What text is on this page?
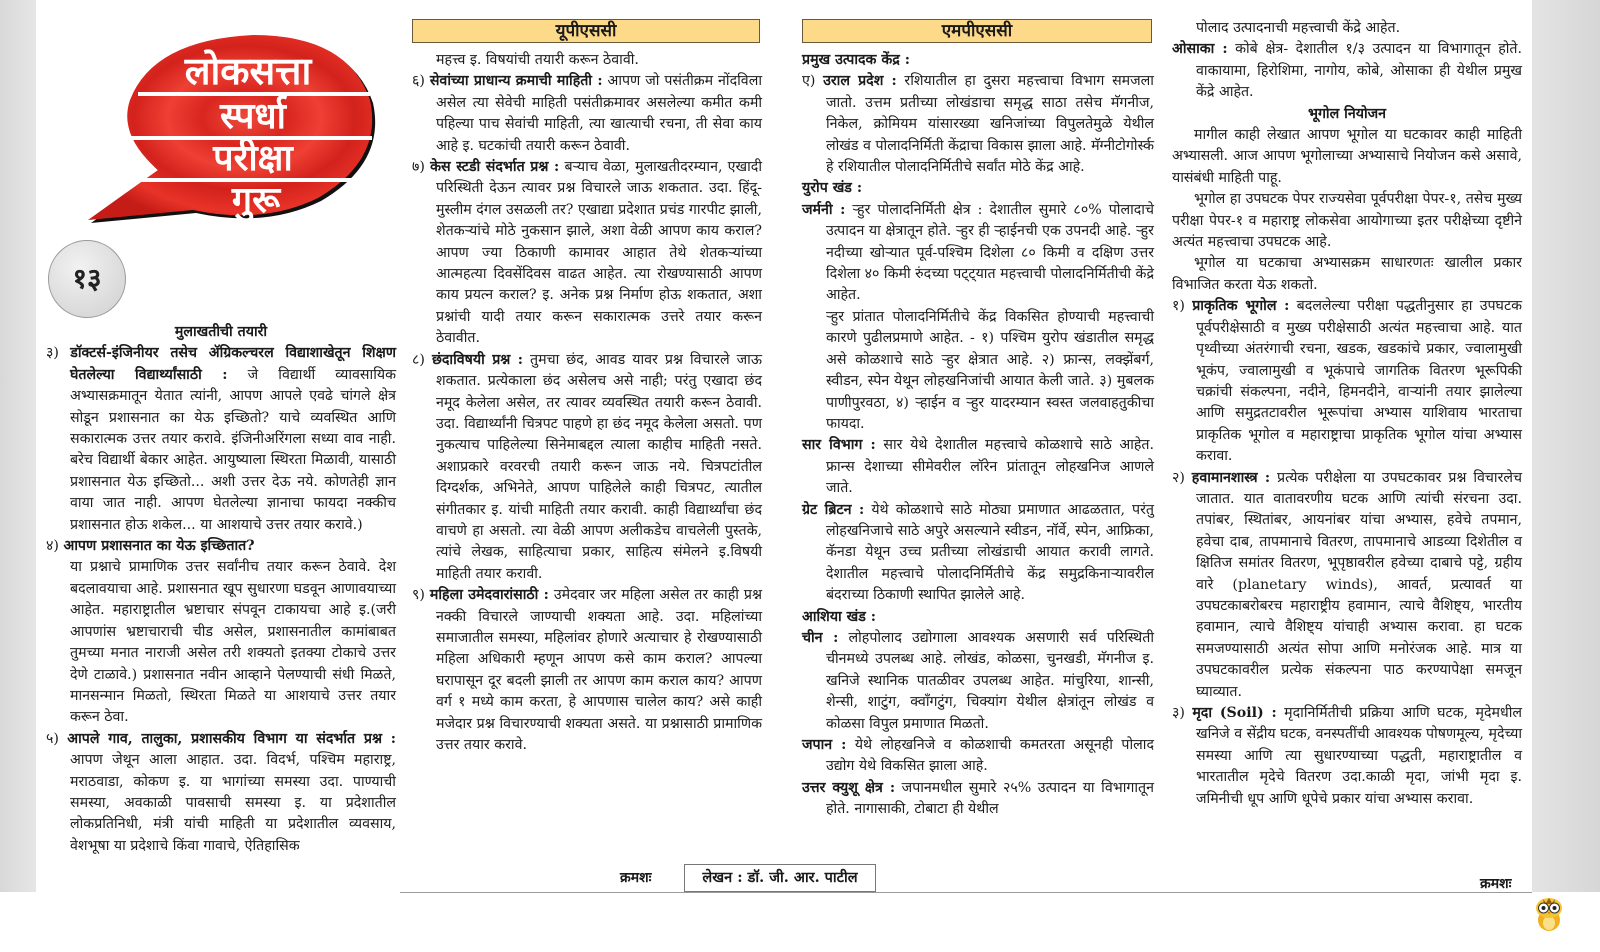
लोकसत्ता
स्पर्धा
परीक्षा
गुरू
१३
यूपीएससी	एमपीएससी

मुलाखतीची तयारी

३) डॉक्टर्स-इंजिनीयर तसेच ॲग्रिकल्चरल विद्याशाखेतून शिक्षण घेतलेल्या विद्यार्थ्यांसाठी : जे विद्यार्थी व्यावसायिक अभ्यासक्रमातून येतात त्यांनी, आपण आपले एवढे चांगले क्षेत्र सोडून प्रशासनात का येऊ इच्छितो? याचे व्यवस्थित आणि सकारात्मक उत्तर तयार करावे. इंजिनीअरिंगला सध्या वाव नाही. बरेच विद्यार्थी बेकार आहेत. आयुष्याला स्थिरता मिळावी, यासाठी प्रशासनात येऊ इच्छितो... अशी उत्तर देऊ नये. कोणतेही ज्ञान वाया जात नाही. आपण घेतलेल्या ज्ञानाचा फायदा नक्कीच प्रशासनात होऊ शकेल... या आशयाचे उत्तर तयार करावे.)

४) आपण प्रशासनात का येऊ इच्छितात?

या प्रश्नाचे प्रामाणिक उत्तर सर्वांनीच तयार करून ठेवावे. देश बदलावयाचा आहे. प्रशासनात खूप सुधारणा घडवून आणावयाच्या आहेत. महाराष्ट्रातील भ्रष्टाचार संपवून टाकायचा आहे इ.(जरी आपणांस भ्रष्टाचाराची चीड असेल, प्रशासनातील कामांबाबत तुमच्या मनात नाराजी असेल तरी शक्यतो इतक्या टोकाचे उत्तर देणे टाळावे.) प्रशासनात नवीन आव्हाने पेलण्याची संधी मिळते, मानसन्मान मिळतो, स्थिरता मिळते या आशयाचे उत्तर तयार करून ठेवा.

५) आपले गाव, तालुका, प्रशासकीय विभाग या संदर्भात प्रश्न : आपण जेथून आला आहात. उदा. विदर्भ, पश्चिम महाराष्ट्र, मराठवाडा, कोकण इ. या भागांच्या समस्या उदा. पाण्याची समस्या, अवकाळी पावसाची समस्या इ. या प्रदेशातील लोकप्रतिनिधी, मंत्री यांची माहिती या प्रदेशातील व्यवसाय, वेशभूषा या प्रदेशाचे किंवा गावाचे, ऐतिहासिक

महत्त्व इ. विषयांची तयारी करून ठेवावी.

६) सेवांच्या प्राधान्य क्रमाची माहिती : आपण जो पसंतीक्रम नोंदविला असेल त्या सेवेची माहिती पसंतीक्रमावर असलेल्या कमीत कमी पहिल्या पाच सेवांची माहिती, त्या खात्याची रचना, ती सेवा काय आहे इ. घटकांची तयारी करून ठेवावी.

७) केस स्टडी संदर्भात प्रश्न : बऱ्याच वेळा, मुलाखतीदरम्यान, एखादी परिस्थिती देऊन त्यावर प्रश्न विचारले जाऊ शकतात. उदा. हिंदू-मुस्लीम दंगल उसळली तर? एखाद्या प्रदेशात प्रचंड गारपीट झाली, शेतकऱ्यांचे मोठे नुकसान झाले, अशा वेळी आपण काय कराल? आपण ज्या ठिकाणी कामावर आहात तेथे शेतकऱ्यांच्या आत्महत्या दिवसेंदिवस वाढत आहेत. त्या रोखण्यासाठी आपण काय प्रयत्न कराल? इ. अनेक प्रश्न निर्माण होऊ शकतात, अशा प्रश्नांची यादी तयार करून सकारात्मक उत्तरे तयार करून ठेवावीत.

८) छंदाविषयी प्रश्न : तुमचा छंद, आवड यावर प्रश्न विचारले जाऊ शकतात. प्रत्येकाला छंद असेलच असे नाही; परंतु एखादा छंद नमूद केलेला असेल, तर त्यावर व्यवस्थित तयारी करून ठेवावी. उदा. विद्यार्थ्यांनी चित्रपट पाहणे हा छंद नमूद केलेला असतो. पण नुकत्याच पाहिलेल्या सिनेमाबद्दल त्याला काहीच माहिती नसते. अशाप्रकारे वरवरची तयारी करून जाऊ नये. चित्रपटांतील दिग्दर्शक, अभिनेते, आपण पाहिलेले काही चित्रपट, त्यातील संगीतकार इ. यांची माहिती तयार करावी. काही विद्यार्थ्यांचा छंद वाचणे हा असतो. त्या वेळी आपण अलीकडेच वाचलेली पुस्तके, त्यांचे लेखक, साहित्याचा प्रकार, साहित्य संमेलने इ.विषयी माहिती तयार करावी.

९) महिला उमेदवारांसाठी : उमेदवार जर महिला असेल तर काही प्रश्न नक्की विचारले जाण्याची शक्यता आहे. उदा. महिलांच्या समाजातील समस्या, महिलांवर होणारे अत्याचार हे रोखण्यासाठी महिला अधिकारी म्हणून आपण कसे काम कराल? आपल्या घरापासून दूर बदली झाली तर आपण काम कराल काय? आपण वर्ग १ मध्ये काम करता, हे आपणास चालेल काय? असे काही मजेदार प्रश्न विचारण्याची शक्यता असते. या प्रश्नासाठी प्रामाणिक उत्तर तयार करावे.

क्रमशः	लेखन : डॉ. जी. आर. पाटील

प्रमुख उत्पादक केंद्र :

ए) उराल प्रदेश : रशियातील हा दुसरा महत्त्वाचा विभाग समजला जातो. उत्तम प्रतीच्या लोखंडाचा समृद्ध साठा तसेच मॅगनीज, निकेल, क्रोमियम यांसारख्या खनिजांच्या विपुलतेमुळे येथील लोखंड व पोलादनिर्मिती केंद्राचा विकास झाला आहे. मॅग्नीटोगोर्स्क हे रशियातील पोलादनिर्मितीचे सर्वांत मोठे केंद्र आहे.

युरोप खंड :

जर्मनी : ऱ्हुर पोलादनिर्मिती क्षेत्र : देशातील सुमारे ८०% पोलादाचे उत्पादन या क्षेत्रातून होते. ऱ्हुर ही ऱ्हाईनची एक उपनदी आहे. ऱ्हुर नदीच्या खोऱ्यात पूर्व-पश्चिम दिशेला ८० किमी व दक्षिण उत्तर दिशेला ४० किमी रुंदच्या पट्ट्यात महत्त्वाची पोलादनिर्मितीची केंद्रे आहेत.

ऱ्हुर प्रांतात पोलादनिर्मितीचे केंद्र विकसित होण्याची महत्त्वाची कारणे पुढीलप्रमाणे आहेत. - १) पश्चिम युरोप खंडातील समृद्ध असे कोळशाचे साठे ऱ्हुर क्षेत्रात आहे. २) फ्रान्स, लक्झेंबर्ग, स्वीडन, स्पेन येथून लोहखनिजांची आयात केली जाते. ३) मुबलक पाणीपुरवठा, ४) ऱ्हाईन व ऱ्हुर यादरम्यान स्वस्त जलवाहतुकीचा फायदा.

सार विभाग : सार येथे देशातील महत्त्वाचे कोळशाचे साठे आहेत. फ्रान्स देशाच्या सीमेवरील लॉरेन प्रांतातून लोहखनिज आणले जाते.

ग्रेट ब्रिटन : येथे कोळशाचे साठे मोठ्या प्रमाणात आढळतात, परंतु लोहखनिजाचे साठे अपुरे असल्याने स्वीडन, नॉर्वे, स्पेन, आफ्रिका, कॅनडा येथून उच्च प्रतीच्या लोखंडाची आयात करावी लागते. देशातील महत्त्वाचे पोलादनिर्मितीचे केंद्र समुद्रकिनाऱ्यावरील बंदराच्या ठिकाणी स्थापित झालेले आहे.

आशिया खंड :

चीन : लोहपोलाद उद्योगाला आवश्यक असणारी सर्व परिस्थिती चीनमध्ये उपलब्ध आहे. लोखंड, कोळसा, चुनखडी, मॅगनीज इ. खनिजे स्थानिक पातळीवर उपलब्ध आहेत. मांचुरिया, शान्सी, शेन्सी, शाटुंग, क्वॉंगटुंग, चिक्यांग येथील क्षेत्रांतून लोखंड व कोळसा विपुल प्रमाणात मिळतो.

जपान : येथे लोहखनिजे व कोळशाची कमतरता असूनही पोलाद उद्योग येथे विकसित झाला आहे.

उत्तर क्युशू क्षेत्र : जपानमधील सुमारे २५% उत्पादन या विभागातून होते. नागासाकी, टोबाटा ही येथील

पोलाद उत्पादनाची महत्त्वाची केंद्रे आहेत.

ओसाका : कोबे क्षेत्र- देशातील १/३ उत्पादन या विभागातून होते. वाकायामा, हिरोशिमा, नागोय, कोबे, ओसाका ही येथील प्रमुख केंद्रे आहेत.

भूगोल नियोजन

मागील काही लेखात आपण भूगोल या घटकावर काही माहिती अभ्यासली. आज आपण भूगोलाच्या अभ्यासाचे नियोजन कसे असावे, यासंबंधी माहिती पाहू.

भूगोल हा उपघटक पेपर राज्यसेवा पूर्वपरीक्षा पेपर-१, तसेच मुख्य परीक्षा पेपर-१ व महाराष्ट्र लोकसेवा आयोगाच्या इतर परीक्षेच्या दृष्टीने अत्यंत महत्त्वाचा उपघटक आहे.

भूगोल या घटकाचा अभ्यासक्रम साधारणतः खालील प्रकार विभाजित करता येऊ शकतो.

१) प्राकृतिक भूगोल : बदललेल्या परीक्षा पद्धतीनुसार हा उपघटक पूर्वपरीक्षेसाठी व मुख्य परीक्षेसाठी अत्यंत महत्त्वाचा आहे. यात पृथ्वीच्या अंतरंगाची रचना, खडक, खडकांचे प्रकार, ज्वालामुखी भूकंप, ज्वालामुखी व भूकंपाचे जागतिक वितरण भूरूपिकी चक्रांची संकल्पना, नदीने, हिमनदीने, वाऱ्यांनी तयार झालेल्या आणि समुद्रतटावरील भूरूपांचा अभ्यास याशिवाय भारताचा प्राकृतिक भूगोल व महाराष्ट्राचा प्राकृतिक भूगोल यांचा अभ्यास करावा.

२) हवामानशास्त्र : प्रत्येक परीक्षेला या उपघटकावर प्रश्न विचारलेच जातात. यात वातावरणीय घटक आणि त्यांची संरचना उदा. तपांबर, स्थितांबर, आयनांबर यांचा अभ्यास, हवेचे तपमान, हवेचा दाब, तापमानाचे वितरण, तापमानाचे आडव्या दिशेतील व क्षितिज समांतर वितरण, भूपृष्ठावरील हवेच्या दाबाचे पट्टे, ग्रहीय वारे (planetary winds), आवर्त, प्रत्यावर्त या उपघटकाबरोबरच महाराष्ट्रीय हवामान, त्याचे वैशिष्ट्य, भारतीय हवामान, त्याचे वैशिष्ट्य यांचाही अभ्यास करावा. हा घटक समजण्यासाठी अत्यंत सोपा आणि मनोरंजक आहे. मात्र या उपघटकावरील प्रत्येक संकल्पना पाठ करण्यापेक्षा समजून घ्याव्यात.

३) मृदा (Soil) : मृदानिर्मितीची प्रक्रिया आणि घटक, मृदेमधील खनिजे व सेंद्रीय घटक, वनस्पतींची आवश्यक पोषणमूल्य, मृदेच्या समस्या आणि त्या सुधारण्याच्या पद्धती, महाराष्ट्रातील व भारतातील मृदेचे वितरण उदा.काळी मृदा, जांभी मृदा इ. जमिनीची धूप आणि धूपेचे प्रकार यांचा अभ्यास करावा.

क्रमशः
